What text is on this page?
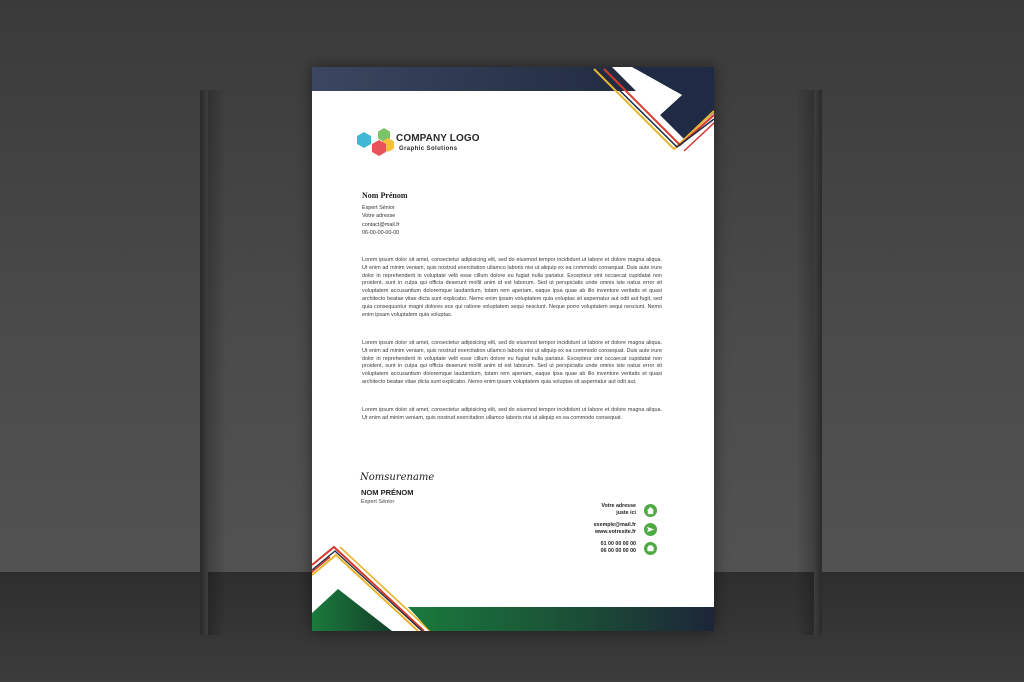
COMPANY LOGO
Graphic Solutions
Nom Prénom
Expert Sénior
Votre adresse
contact@mail.fr
06-00-00-00-00

Lorem ipsum dolor sit amet, consectetur adipisicing elit, sed do eiusmod tempor incididunt ut labore et dolore magna aliqua. Ut enim ad minim veniam, quis nostrud exercitation ullamco laboris nisi ut aliquip ex ea commodo consequat. Duis aute irure dolor in reprehenderit in voluptate velit esse cillum dolore eu fugiat nulla pariatur. Excepteur sint occaecat cupidatat non proident, sunt in culpa qui officia deserunt mollit anim id est laborum. Sed ut perspiciatis unde omnis iste natus error sit voluptatem accusantium doloremque laudantium, totam rem aperiam, eaque ipsa quae ab illo inventore veritatis et quasi architecto beatae vitae dicta sunt explicabo. Nemo enim ipsam voluptatem quia voluptas sit aspernatur aut odit aut fugit, sed quia consequuntur magni dolores eos qui ratione voluptatem sequi nesciunt. Neque porro voluptatem sequi nesciunt. Nemo enim ipsam voluptatem quia voluptas.

Lorem ipsum dolor sit amet, consectetur adipisicing elit, sed do eiusmod tempor incididunt ut labore et dolore magna aliqua. Ut enim ad minim veniam, quis nostrud exercitation ullamco laboris nisi ut aliquip ex ea commodo consequat. Duis aute irure dolor in reprehenderit in voluptate velit esse cillum dolore eu fugiat nulla pariatur. Excepteur sint occaecat cupidatat non proident, sunt in culpa qui officia deserunt mollit anim id est laborum. Sed ut perspiciatis unde omnis iste natus error sit voluptatem accusantium doloremque laudantium, totam rem aperiam, eaque ipsa quae ab illo inventore veritatis et quasi architecto beatae vitae dicta sunt explicabo. Nemo enim ipsam voluptatem quia voluptas sit aspernatur aut odit aut.

Lorem ipsum dolor sit amet, consectetur adipisicing elit, sed do eiusmod tempor incididunt ut labore et dolore magna aliqua. Ut enim ad minim veniam, quis nostrud exercitation ullamco laboris nisi ut aliquip ex ea commodo consequat.

Nomsurename
NOM PRÉNOM
Expert Sénior
Votre adresse
juste ici
exemple@mail.fr
www.votresite.fr
01 00 00 00 00
06 00 00 00 00
